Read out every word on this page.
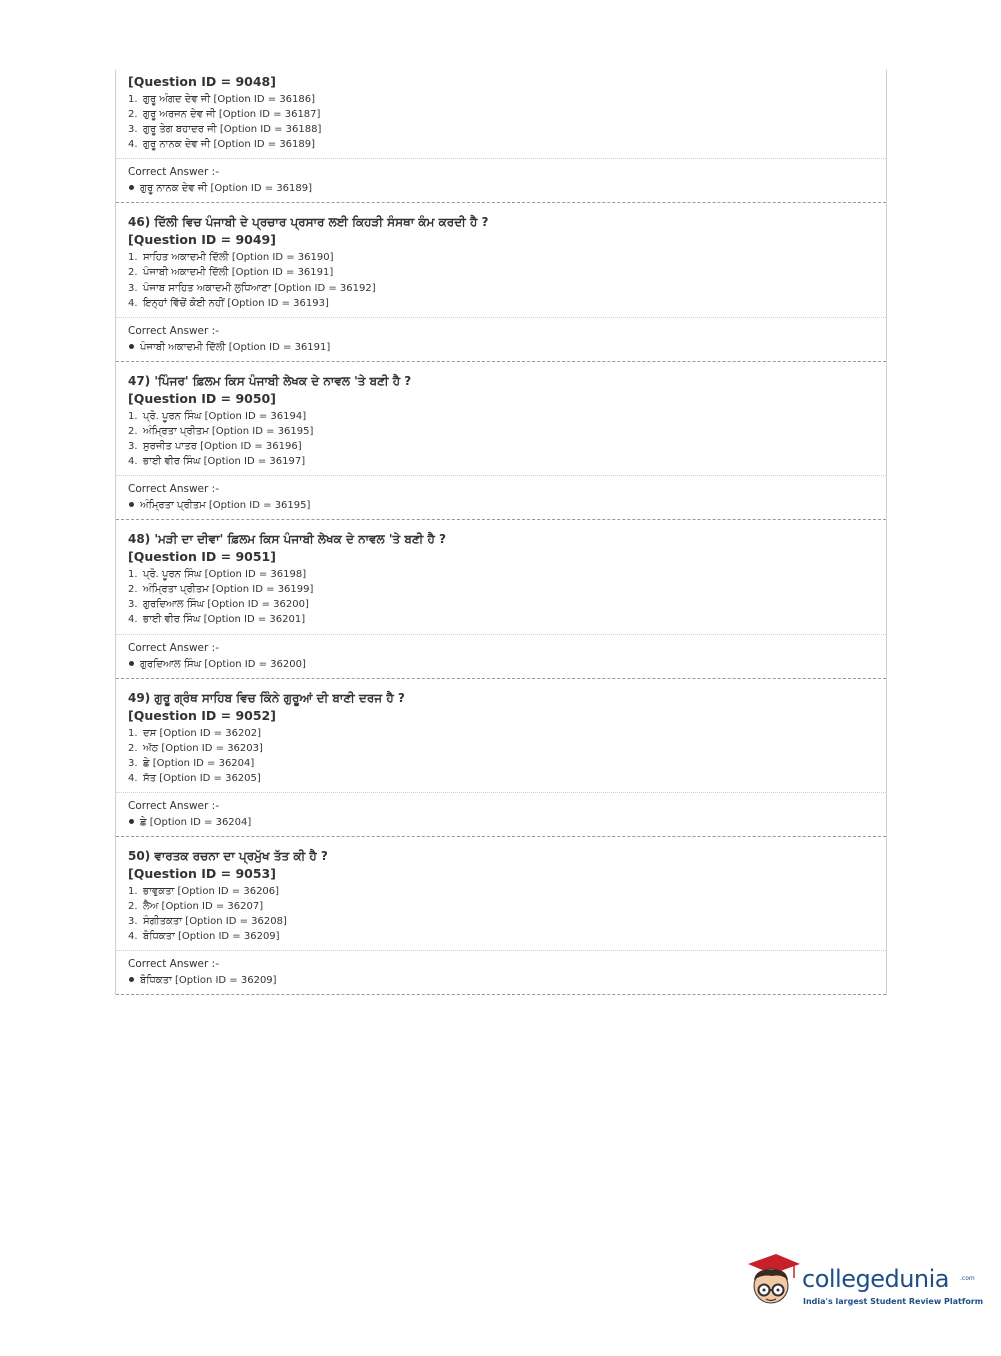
[Question ID = 9048]
1. ਗੁਰੂ ਅੰਗਦ ਦੇਵ ਜੀ [Option ID = 36186]
2. ਗੁਰੂ ਅਰਜਨ ਦੇਵ ਜੀ [Option ID = 36187]
3. ਗੁਰੂ ਤੇਗ ਬਹਾਦਰ ਜੀ [Option ID = 36188]
4. ਗੁਰੂ ਨਾਨਕ ਦੇਵ ਜੀ [Option ID = 36189]
Correct Answer :-
ਗੁਰੂ ਨਾਨਕ ਦੇਵ ਜੀ [Option ID = 36189]
46) ਦਿੱਲੀ ਵਿਚ ਪੰਜਾਬੀ ਦੇ ਪ੍ਰਚਾਰ ਪ੍ਰਸਾਰ ਲਈ ਕਿਹੜੀ ਸੰਸਥਾ ਕੰਮ ਕਰਦੀ ਹੈ ?
[Question ID = 9049]
1. ਸਾਹਿਤ ਅਕਾਦਮੀ ਦਿੱਲੀ [Option ID = 36190]
2. ਪੰਜਾਬੀ ਅਕਾਦਮੀ ਦਿੱਲੀ [Option ID = 36191]
3. ਪੰਜਾਬ ਸਾਹਿਤ ਅਕਾਦਮੀ ਲੁਧਿਆਣਾ [Option ID = 36192]
4. ਇਨ੍ਹਾਂ ਵਿੱਚੋਂ ਕੋਈ ਨਹੀਂ [Option ID = 36193]
Correct Answer :-
ਪੰਜਾਬੀ ਅਕਾਦਮੀ ਦਿੱਲੀ [Option ID = 36191]
47) 'ਪਿੰਜਰ' ਫ਼ਿਲਮ ਕਿਸ ਪੰਜਾਬੀ ਲੇਖਕ ਦੇ ਨਾਵਲ 'ਤੇ ਬਣੀ ਹੈ ?
[Question ID = 9050]
1. ਪ੍ਰੋ. ਪੂਰਨ ਸਿੰਘ [Option ID = 36194]
2. ਅੰਮ੍ਰਿਤਾ ਪ੍ਰੀਤਮ [Option ID = 36195]
3. ਸੁਰਜੀਤ ਪਾਤਰ [Option ID = 36196]
4. ਭਾਈ ਵੀਰ ਸਿੰਘ [Option ID = 36197]
Correct Answer :-
ਅੰਮ੍ਰਿਤਾ ਪ੍ਰੀਤਮ [Option ID = 36195]
48) 'ਮੜੀ ਦਾ ਦੀਵਾ' ਫ਼ਿਲਮ ਕਿਸ ਪੰਜਾਬੀ ਲੇਖਕ ਦੇ ਨਾਵਲ 'ਤੇ ਬਣੀ ਹੈ ?
[Question ID = 9051]
1. ਪ੍ਰੋ. ਪੂਰਨ ਸਿੰਘ [Option ID = 36198]
2. ਅੰਮ੍ਰਿਤਾ ਪ੍ਰੀਤਮ [Option ID = 36199]
3. ਗੁਰਦਿਆਲ ਸਿੰਘ [Option ID = 36200]
4. ਭਾਈ ਵੀਰ ਸਿੰਘ [Option ID = 36201]
Correct Answer :-
ਗੁਰਦਿਆਲ ਸਿੰਘ [Option ID = 36200]
49) ਗੁਰੂ ਗ੍ਰੰਥ ਸਾਹਿਬ ਵਿਚ ਕਿੰਨੇ ਗੁਰੂਆਂ ਦੀ ਬਾਣੀ ਦਰਜ ਹੈ ?
[Question ID = 9052]
1. ਦਸ [Option ID = 36202]
2. ਅੱਠ [Option ID = 36203]
3. ਛੇ [Option ID = 36204]
4. ਸੱਤ [Option ID = 36205]
Correct Answer :-
ਛੇ [Option ID = 36204]
50) ਵਾਰਤਕ ਰਚਨਾ ਦਾ ਪ੍ਰਮੁੱਖ ਤੱਤ ਕੀ ਹੈ ?
[Question ID = 9053]
1. ਭਾਵੁਕਤਾ [Option ID = 36206]
2. ਲੈਅ [Option ID = 36207]
3. ਸੰਗੀਤਕਤਾ [Option ID = 36208]
4. ਬੋਧਿਕਤਾ [Option ID = 36209]
Correct Answer :-
ਬੋਧਿਕਤਾ [Option ID = 36209]
collegedunia .com
India's largest Student Review Platform
